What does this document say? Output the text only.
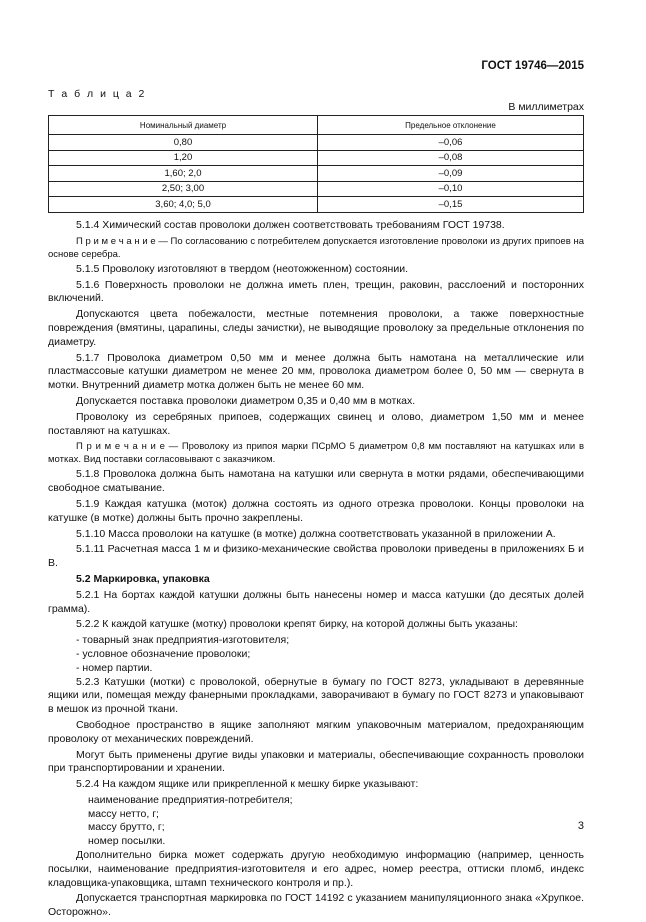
ГОСТ 19746—2015
Т а б л и ц а 2
В миллиметрах
Номинальный диаметр	Предельное отклонение
0,80	–0,06
1,20	–0,08
1,60; 2,0	–0,09
2,50; 3,00	–0,10
3,60; 4,0; 5,0	–0,15

5.1.4 Химический состав проволоки должен соответствовать требованиям ГОСТ 19738.

П р и м е ч а н и е — По согласованию с потребителем допускается изготовление проволоки из других припоев на основе серебра.

5.1.5 Проволоку изготовляют в твердом (неотожженном) состоянии.

5.1.6 Поверхность проволоки не должна иметь плен, трещин, раковин, расслоений и посторонних включений.

Допускаются цвета побежалости, местные потемнения проволоки, а также поверхностные повреждения (вмятины, царапины, следы зачистки), не выводящие проволоку за предельные отклонения по диаметру.

5.1.7 Проволока диаметром 0,50 мм и менее должна быть намотана на металлические или пластмассовые катушки диаметром не менее 20 мм, проволока диаметром более 0, 50 мм — свернута в мотки. Внутренний диаметр мотка должен быть не менее 60 мм.

Допускается поставка проволоки диаметром 0,35 и 0,40 мм в мотках.

Проволоку из серебряных припоев, содержащих свинец и олово, диаметром 1,50 мм и менее поставляют на катушках.

П р и м е ч а н и е — Проволоку из припоя марки ПСрМО 5 диаметром 0,8 мм поставляют на катушках или в мотках. Вид поставки согласовывают с заказчиком.

5.1.8 Проволока должна быть намотана на катушки или свернута в мотки рядами, обеспечивающими свободное сматывание.

5.1.9 Каждая катушка (моток) должна состоять из одного отрезка проволоки. Концы проволоки на катушке (в мотке) должны быть прочно закреплены.

5.1.10 Масса проволоки на катушке (в мотке) должна соответствовать указанной в приложении А.

5.1.11 Расчетная масса 1 м и физико-механические свойства проволоки приведены в приложениях Б и В.

5.2 Маркировка, упаковка

5.2.1 На бортах каждой катушки должны быть нанесены номер и масса катушки (до десятых долей грамма).

5.2.2 К каждой катушке (мотку) проволоки крепят бирку, на которой должны быть указаны:

- товарный знак предприятия-изготовителя;

- условное обозначение проволоки;

- номер партии.

5.2.3 Катушки (мотки) с проволокой, обернутые в бумагу по ГОСТ 8273, укладывают в деревянные ящики или, помещая между фанерными прокладками, заворачивают в бумагу по ГОСТ 8273 и упаковывают в мешок из прочной ткани.

Свободное пространство в ящике заполняют мягким упаковочным материалом, предохраняющим проволоку от механических повреждений.

Могут быть применены другие виды упаковки и материалы, обеспечивающие сохранность проволоки при транспортировании и хранении.

5.2.4 На каждом ящике или прикрепленной к мешку бирке указывают:

наименование предприятия-потребителя;

массу нетто, г;

массу брутто, г;

номер посылки.

Дополнительно бирка может содержать другую необходимую информацию (например, ценность посылки, наименование предприятия-изготовителя и его адрес, номер реестра, оттиски пломб, индекс кладовщика-упаковщика, штамп технического контроля и пр.).

Допускается транспортная маркировка по ГОСТ 14192 с указанием манипуляционного знака «Хрупкое. Осторожно».

3
